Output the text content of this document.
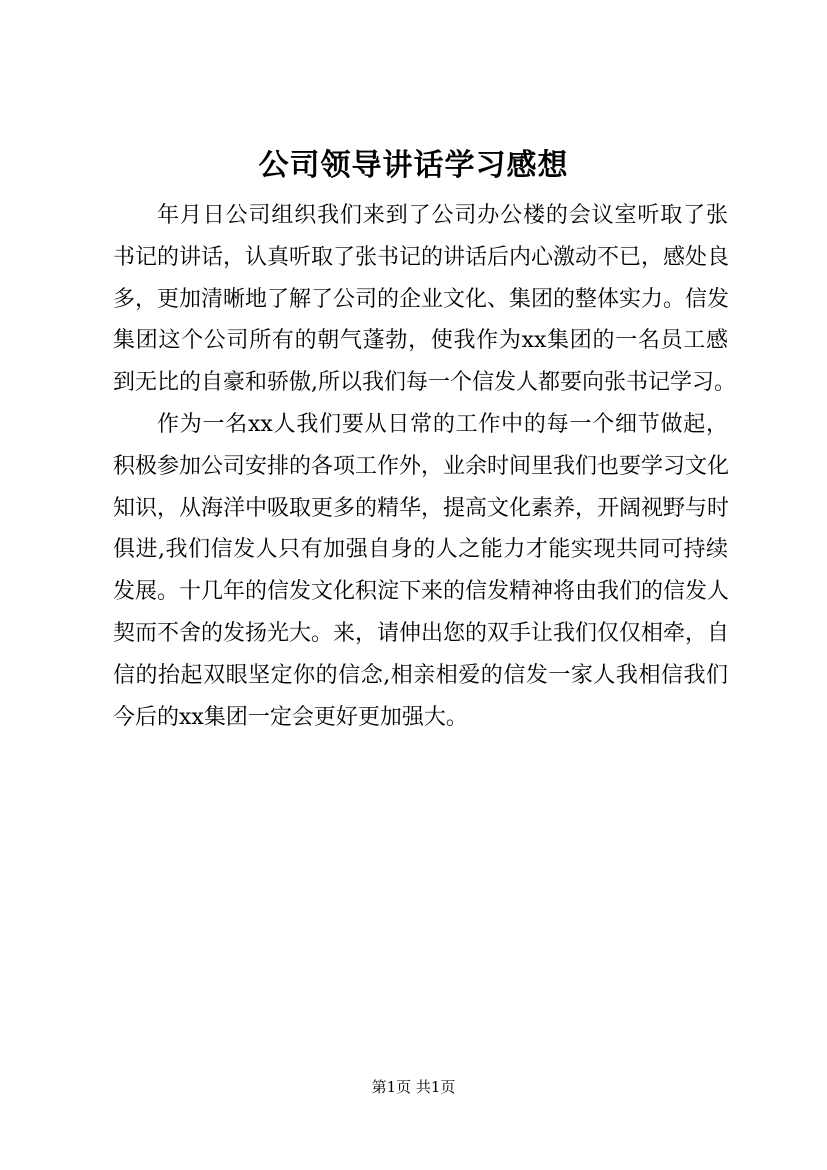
公司领导讲话学习感想
年月日公司组织我们来到了公司办公楼的会议室听取了张
书记的讲话，认真听取了张书记的讲话后内心激动不已，感处良
多，更加清晰地了解了公司的企业文化、集团的整体实力。信发
集团这个公司所有的朝气蓬勃，使我作为xx集团的一名员工感
到无比的自豪和骄傲,所以我们每一个信发人都要向张书记学习。
作为一名xx人我们要从日常的工作中的每一个细节做起，
积极参加公司安排的各项工作外，业余时间里我们也要学习文化
知识，从海洋中吸取更多的精华，提高文化素养，开阔视野与时
俱进,我们信发人只有加强自身的人之能力才能实现共同可持续
发展。十几年的信发文化积淀下来的信发精神将由我们的信发人
契而不舍的发扬光大。来，请伸出您的双手让我们仅仅相牵，自
信的抬起双眼坚定你的信念,相亲相爱的信发一家人我相信我们
今后的xx集团一定会更好更加强大。
第1页 共1页
